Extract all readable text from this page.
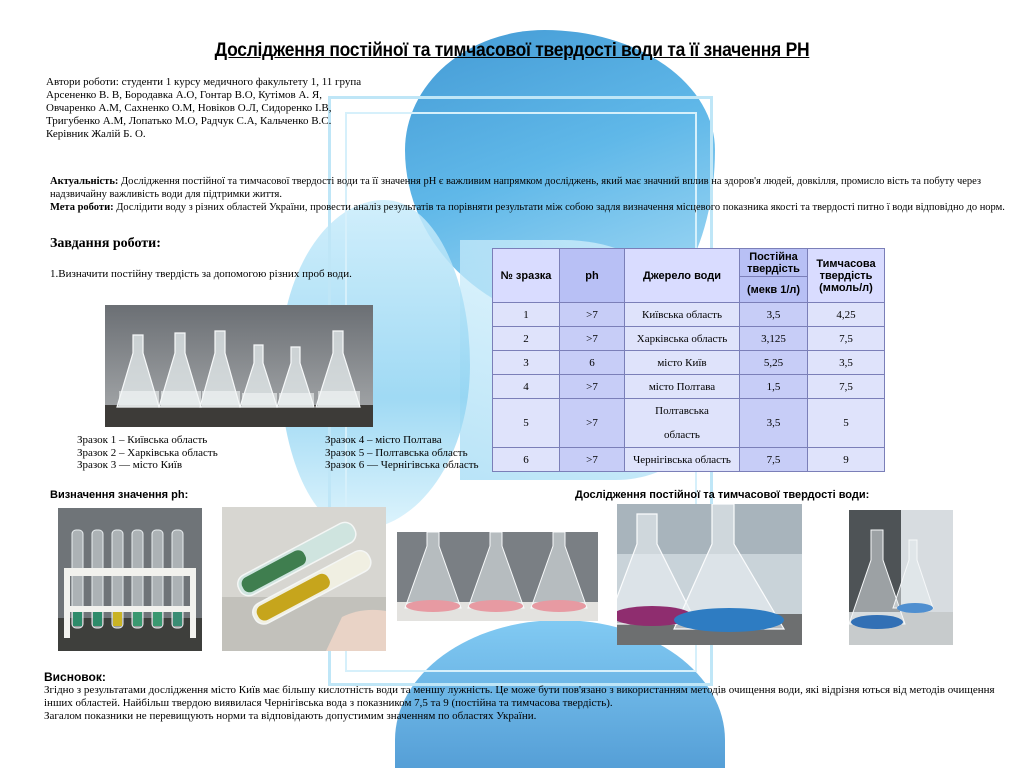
Дослідження постійної та тимчасової твердості води та її значення РН
Автори роботи: студенти 1 курсу медичного факультету 1, 11 група
Арсененко В. В, Бородавка А.О, Гонтар В.О, Кутімов А. Я,
Овчаренко А.М, Сахненко О.М, Новіков О.Л, Сидоренко І.В,
Тригубенко А.М, Лопатько М.О, Радчук С.А, Кальченко В.С.
Керівник Жалій Б. О.

Актуальність: Дослідження постійної та тимчасової твердості води та її значення рН є важливим напрямком досліджень, який має значний вплив на здоров'я людей, довкілля, промисло вість та побуту через надзвичайну важливість води для підтримки життя.

Мета роботи: Дослідити воду з різних областей України, провести аналіз результатів та порівняти результати між собою задля визначення місцевого показника якості та твердості питно ї води відповідно до норм.

Завдання роботи:
1.Визначити постійну твердість за допомогою різних проб води.
Зразок 1 – Київська область
Зразок 2 – Харківська область
Зразок 3 — місто Київ
Зразок 4 – місто Полтава
Зразок 5 – Полтавська область
Зразок 6 — Чернігівська область
№ зразка	ph	Джерело води	Постійна твердість	Тимчасова твердість (ммоль/л)
			(мекв 1/л)	
1	>7	Київська область	3,5	4,25
2	>7	Харківська область	3,125	7,5
3	6	місто Київ	5,25	3,5
4	>7	місто Полтава	1,5	7,5
5	>7	Полтавська
область	3,5	5
6	>7	Чернігівська область	7,5	9
Визначення значення ph:	Дослідження постійної та тимчасової твердості води:
Висновок:

Згідно з результатами дослідження місто Київ має більшу кислотність води та меншу лужність. Це може бути пов'язано з використанням методів очищення води, які відрізня ються від методів очищення інших областей. Найбільш твердою виявилася Чернігівська вода з показником 7,5 та 9 (постійна та тимчасова твердість).

Загалом показники не перевищують норми та відповідають допустимим значенням по областях України.
